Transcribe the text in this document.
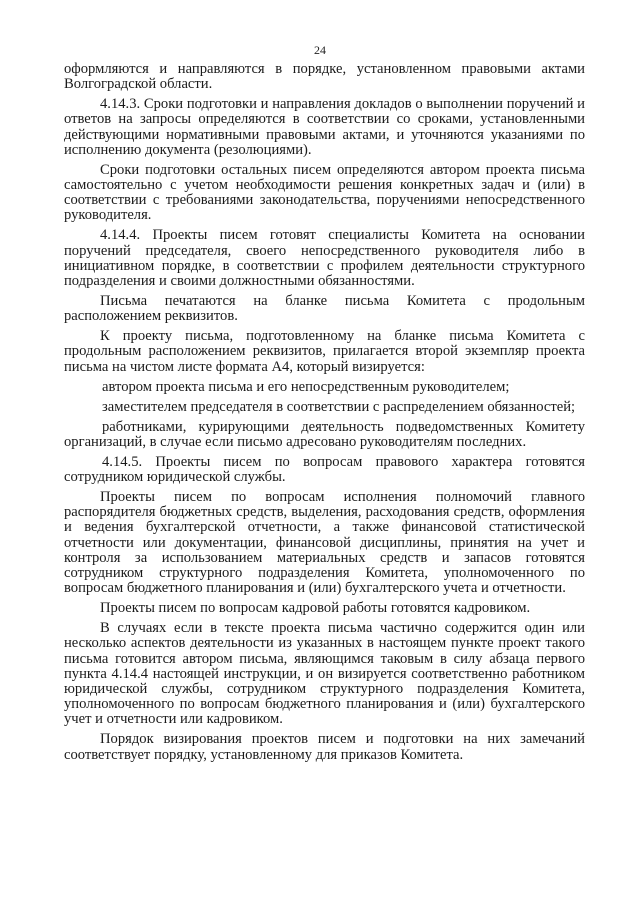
24

оформляются и направляются в порядке, установленном правовыми актами Волгоградской области.

4.14.3. Сроки подготовки и направления докладов о выполнении поручений и ответов на запросы определяются в соответствии со сроками, установленными действующими нормативными правовыми актами, и уточняются указаниями по исполнению документа (резолюциями).

Сроки подготовки остальных писем определяются автором проекта письма самостоятельно с учетом необходимости решения конкретных задач и (или) в соответствии с требованиями законодательства, поручениями непосредственного руководителя.

4.14.4. Проекты писем готовят специалисты Комитета на основании поручений председателя, своего непосредственного руководителя либо в инициативном порядке, в соответствии с профилем деятельности структурного подразделения и своими должностными обязанностями.

Письма печатаются на бланке письма Комитета с продольным расположением реквизитов.

К проекту письма, подготовленному на бланке письма Комитета с продольным расположением реквизитов, прилагается второй экземпляр проекта письма на чистом листе формата А4, который визируется:

автором проекта письма и его непосредственным руководителем;

заместителем председателя в соответствии с распределением обязанностей;

работниками, курирующими деятельность подведомственных Комитету организаций, в случае если письмо адресовано руководителям последних.

4.14.5. Проекты писем по вопросам правового характера готовятся сотрудником юридической службы.

Проекты писем по вопросам исполнения полномочий главного распорядителя бюджетных средств, выделения, расходования средств, оформления и ведения бухгалтерской отчетности, а также финансовой статистической отчетности или документации, финансовой дисциплины, принятия на учет и контроля за использованием материальных средств и запасов готовятся сотрудником структурного подразделения Комитета, уполномоченного по вопросам бюджетного планирования и (или) бухгалтерского учета и отчетности.

Проекты писем по вопросам кадровой работы готовятся кадровиком.

В случаях если в тексте проекта письма частично содержится один или несколько аспектов деятельности из указанных в настоящем пункте проект такого письма готовится автором письма, являющимся таковым в силу абзаца первого пункта 4.14.4 настоящей инструкции, и он визируется соответственно работником юридической службы, сотрудником структурного подразделения Комитета, уполномоченного по вопросам бюджетного планирования и (или) бухгалтерского учет и отчетности или кадровиком.

Порядок визирования проектов писем и подготовки на них замечаний соответствует порядку, установленному для приказов Комитета.
